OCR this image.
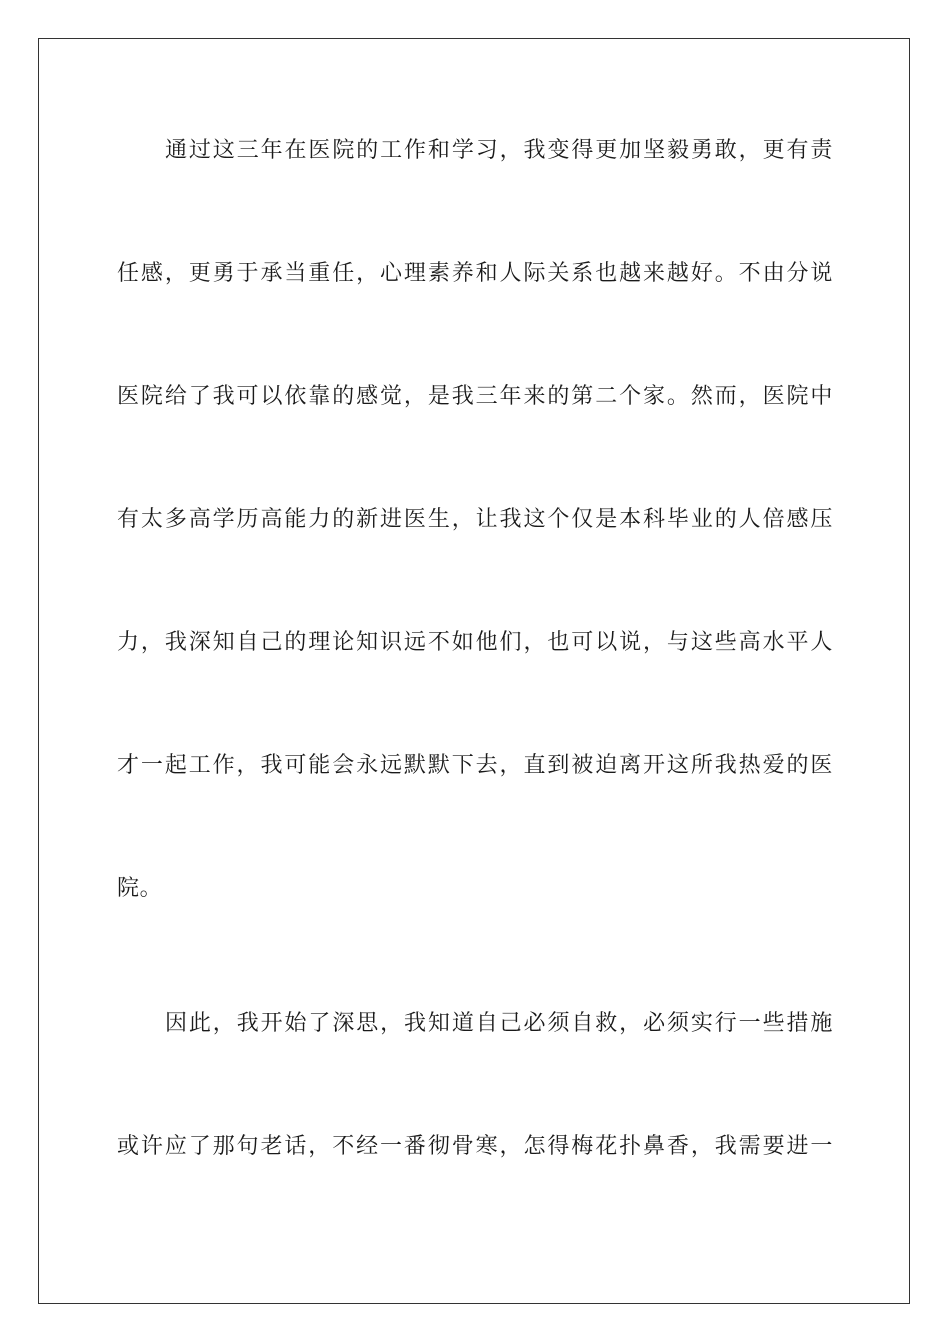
通过这三年在医院的工作和学习，我变得更加坚毅勇敢，更有责
任感，更勇于承当重任，心理素养和人际关系也越来越好。不由分说
医院给了我可以依靠的感觉，是我三年来的第二个家。然而，医院中
有太多高学历高能力的新进医生，让我这个仅是本科毕业的人倍感压
力，我深知自己的理论知识远不如他们，也可以说，与这些高水平人
才一起工作，我可能会永远默默下去，直到被迫离开这所我热爱的医
院。
因此，我开始了深思，我知道自己必须自救，必须实行一些措施
或许应了那句老话，不经一番彻骨寒，怎得梅花扑鼻香，我需要进一
